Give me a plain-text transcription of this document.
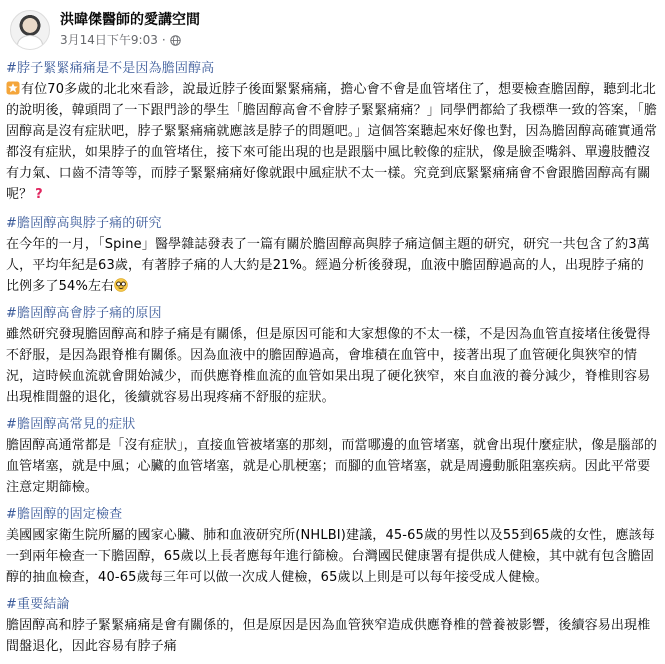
洪暐傑醫師的愛講空間
3月14日下午9:03 ·

#脖子緊緊痛痛是不是因為膽固醇高

有位70多歲的北北來看診，說最近脖子後面緊緊痛痛，擔心會不會是血管堵住了，想要檢查膽固醇，聽到北北的說明後，韓頭問了一下跟門診的學生「膽固醇高會不會脖子緊緊痛痛？」同學們都給了我標準一致的答案，「膽固醇高是沒有症狀吧，脖子緊緊痛痛就應該是脖子的問題吧。」這個答案聽起來好像也對，因為膽固醇高確實通常都沒有症狀，如果脖子的血管堵住，接下來可能出現的也是跟腦中風比較像的症狀，像是臉歪嘴斜、單邊肢體沒有力氣、口齒不清等等，而脖子緊緊痛痛好像就跟中風症狀不太一樣。究竟到底緊緊痛痛會不會跟膽固醇高有關呢？ ?

#膽固醇高與脖子痛的研究

在今年的一月，「Spine」醫學雜誌發表了一篇有關於膽固醇高與脖子痛這個主題的研究，研究一共包含了約3萬人，平均年紀是63歲，有著脖子痛的人大約是21%。經過分析後發現，血液中膽固醇過高的人，出現脖子痛的比例多了54%左右

#膽固醇高會脖子痛的原因

雖然研究發現膽固醇高和脖子痛是有關係，但是原因可能和大家想像的不太一樣，不是因為血管直接堵住後覺得不舒服，是因為跟脊椎有關係。因為血液中的膽固醇過高，會堆積在血管中，接著出現了血管硬化與狹窄的情況，這時候血流就會開始減少，而供應脊椎血流的血管如果出現了硬化狹窄，來自血液的養分減少，脊椎則容易出現椎間盤的退化，後續就容易出現疼痛不舒服的症狀。

#膽固醇高常見的症狀

膽固醇高通常都是「沒有症狀」，直接血管被堵塞的那刻，而當哪邊的血管堵塞，就會出現什麼症狀，像是腦部的血管堵塞，就是中風；心臟的血管堵塞，就是心肌梗塞；而腳的血管堵塞，就是周邊動脈阻塞疾病。因此平常要注意定期篩檢。

#膽固醇的固定檢查

美國國家衛生院所屬的國家心臟、肺和血液研究所(NHLBI)建議，45-65歲的男性以及55到65歲的女性，應該每一到兩年檢查一下膽固醇，65歲以上長者應每年進行篩檢。台灣國民健康署有提供成人健檢，其中就有包含膽固醇的抽血檢查，40-65歲每三年可以做一次成人健檢，65歲以上則是可以每年接受成人健檢。

#重要結論

膽固醇高和脖子緊緊痛痛是會有關係的，但是原因是因為血管狹窄造成供應脊椎的營養被影響，後續容易出現椎間盤退化，因此容易有脖子痛
